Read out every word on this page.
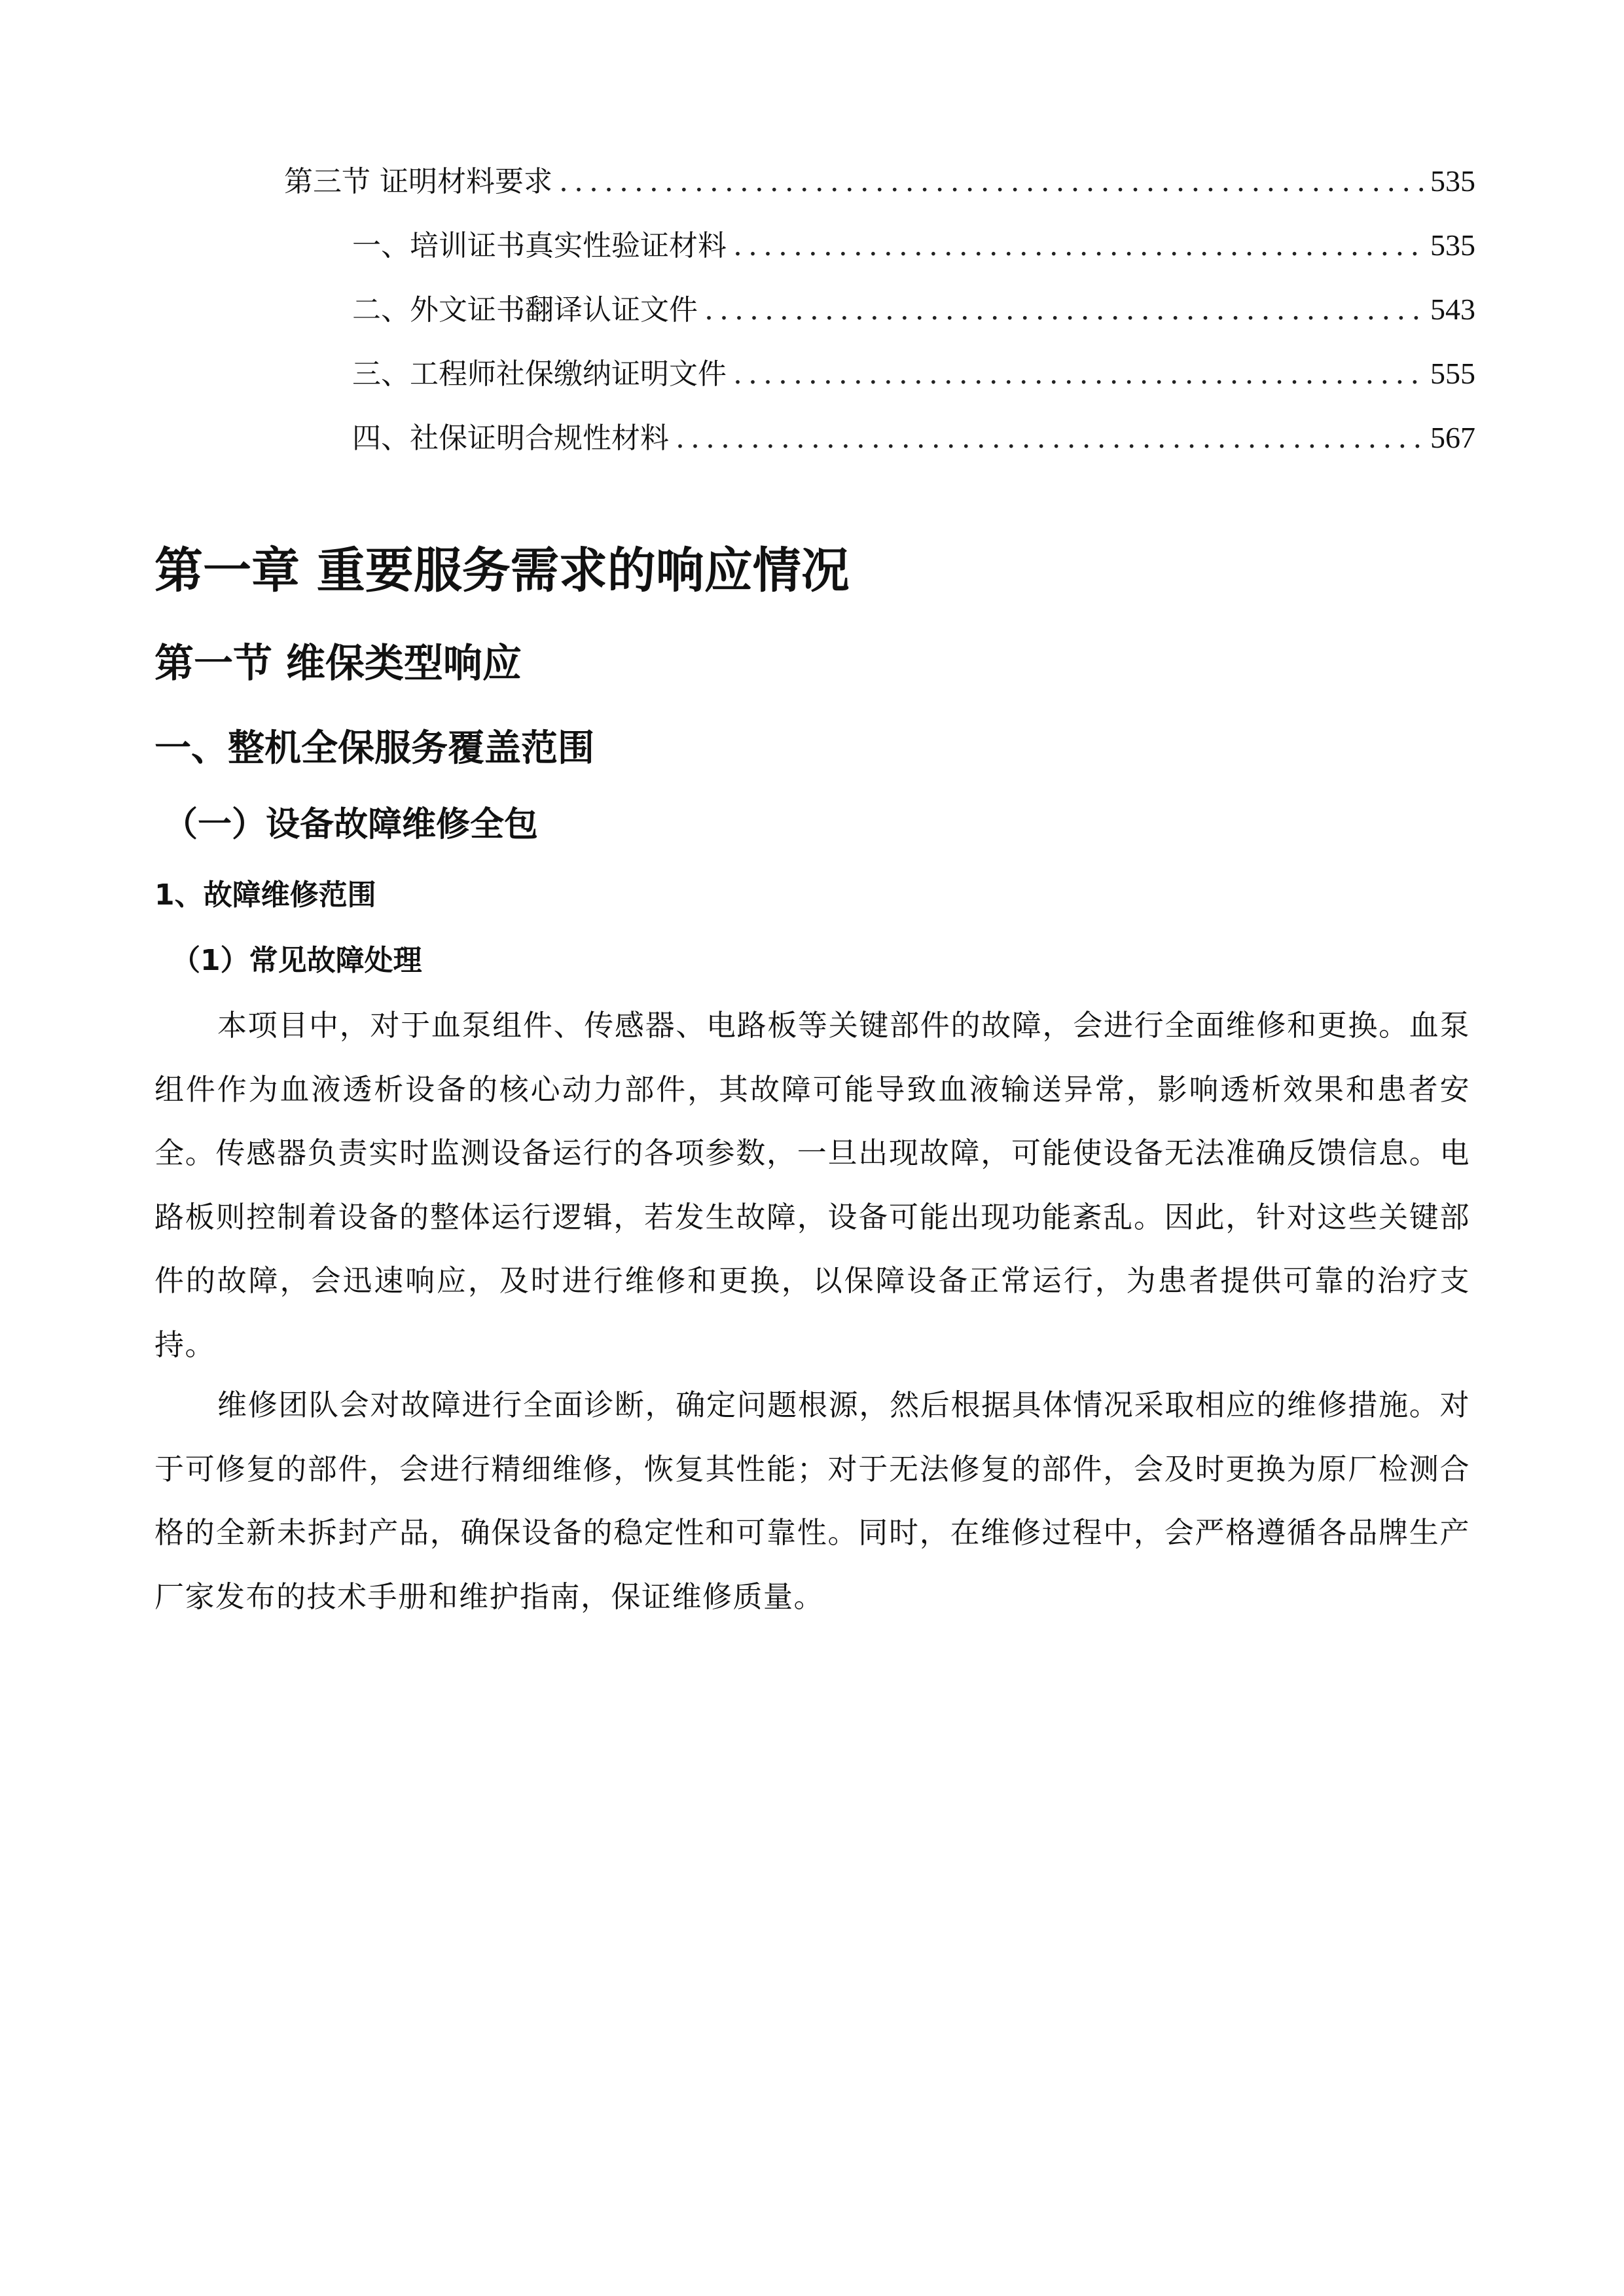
第三节 证明材料要求 .....	535
一、 培训证书真实性验证材料 .....	535
二、 外文证书翻译认证文件 .....	543
三、 工程师社保缴纳证明文件 .....	555
四、 社保证明合规性材料 .....	567
第一章 重要服务需求的响应情况
第一节 维保类型响应
一、整机全保服务覆盖范围
（一）设备故障维修全包
1、故障维修范围
（1）常见故障处理

本项目中，对于血泵组件、传感器、电路板等关键部件的故障，会进行全面维修和更换。血泵组件作为血液透析设备的核心动力部件，其故障可能导致血液输送异常，影响透析效果和患者安全。传感器负责实时监测设备运行的各项参数，一旦出现故障，可能使设备无法准确反馈信息。电路板则控制着设备的整体运行逻辑，若发生故障，设备可能出现功能紊乱。因此，针对这些关键部件的故障，会迅速响应，及时进行维修和更换，以保障设备正常运行，为患者提供可靠的治疗支持。

维修团队会对故障进行全面诊断，确定问题根源，然后根据具体情况采取相应的维修措施。对于可修复的部件，会进行精细维修，恢复其性能；对于无法修复的部件，会及时更换为原厂检测合格的全新未拆封产品，确保设备的稳定性和可靠性。同时，在维修过程中，会严格遵循各品牌生产厂家发布的技术手册和维护指南，保证维修质量。
